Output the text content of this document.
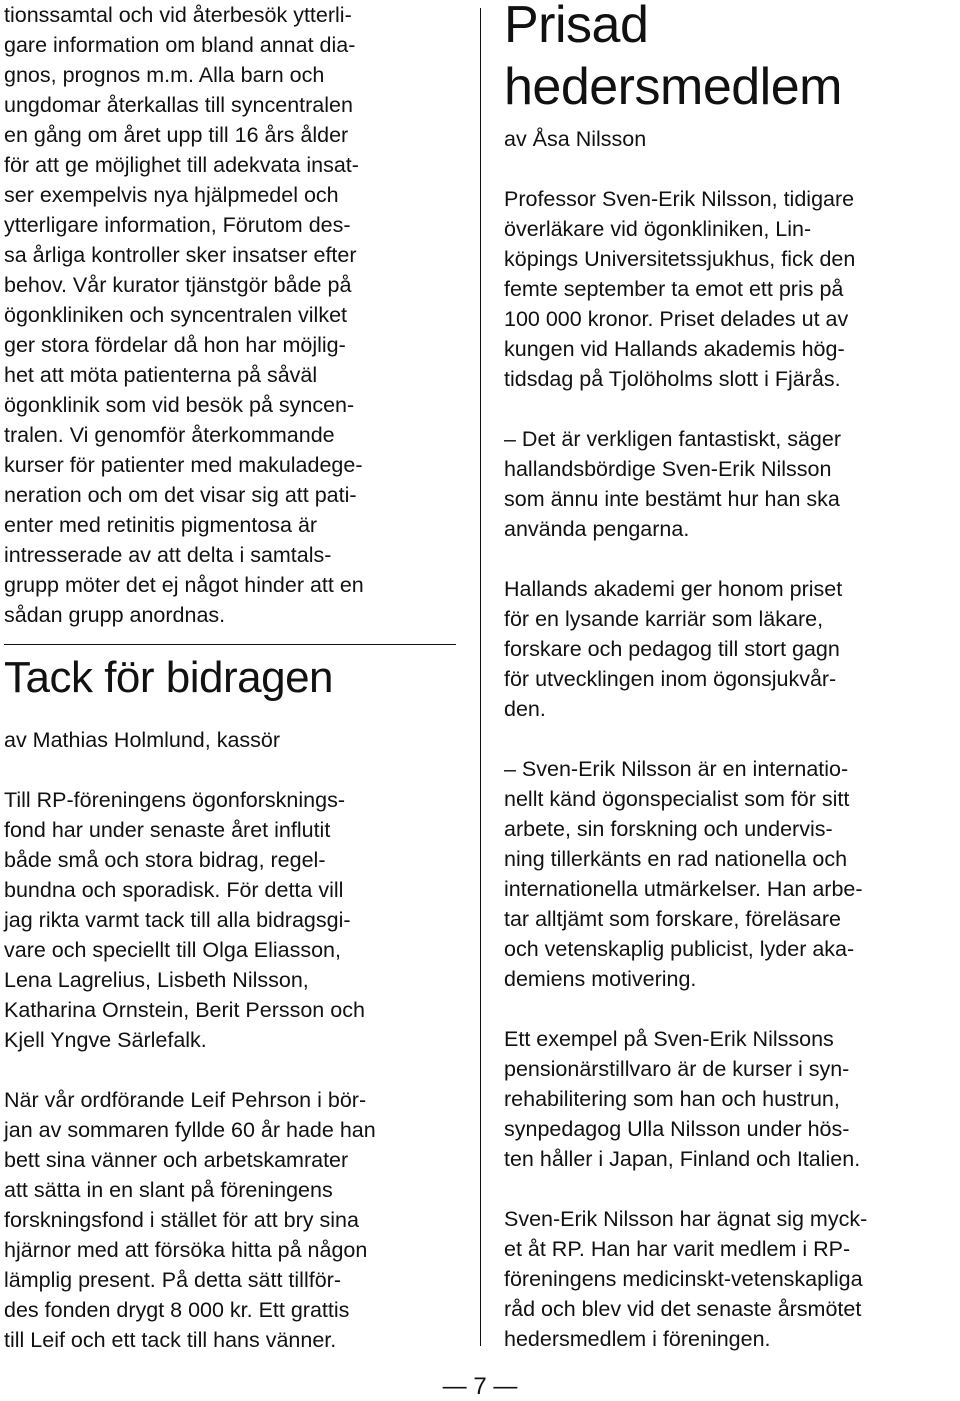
tionssamtal och vid återbesök ytterli-
gare information om bland annat dia-
gnos, prognos m.m. Alla barn och
ungdomar återkallas till syncentralen
en gång om året upp till 16 års ålder
för att ge möjlighet till adekvata insat-
ser exempelvis nya hjälpmedel och
ytterligare information, Förutom des-
sa årliga kontroller sker insatser efter
behov. Vår kurator tjänstgör både på
ögonkliniken och syncentralen vilket
ger stora fördelar då hon har möjlig-
het att möta patienterna på såväl
ögonklinik som vid besök på syncen-
tralen. Vi genomför återkommande
kurser för patienter med makuladege-
neration och om det visar sig att pati-
enter med retinitis pigmentosa är
intresserade av att delta i samtals-
grupp möter det ej något hinder att en
sådan grupp anordnas.

Tack för bidragen

av Mathias Holmlund, kassör

Till RP-föreningens ögonforsknings-
fond har under senaste året influtit
både små och stora bidrag, regel-
bundna och sporadisk. För detta vill
jag rikta varmt tack till alla bidragsgi-
vare och speciellt till Olga Eliasson,
Lena Lagrelius, Lisbeth Nilsson,
Katharina Ornstein, Berit Persson och
Kjell Yngve Särlefalk.

När vår ordförande Leif Pehrson i bör-
jan av sommaren fyllde 60 år hade han
bett sina vänner och arbetskamrater
att sätta in en slant på föreningens
forskningsfond i stället för att bry sina
hjärnor med att försöka hitta på någon
lämplig present. På detta sätt tillför-
des fonden drygt 8 000 kr. Ett grattis
till Leif och ett tack till hans vänner.

Prisad
hedersmedlem

av Åsa Nilsson

Professor Sven-Erik Nilsson, tidigare
överläkare vid ögonkliniken, Lin-
köpings Universitetssjukhus, fick den
femte september ta emot ett pris på
100 000 kronor. Priset delades ut av
kungen vid Hallands akademis hög-
tidsdag på Tjolöholms slott i Fjärås.

– Det är verkligen fantastiskt, säger
hallandsbördige Sven-Erik Nilsson
som ännu inte bestämt hur han ska
använda pengarna.

Hallands akademi ger honom priset
för en lysande karriär som läkare,
forskare och pedagog till stort gagn
för utvecklingen inom ögonsjukvår-
den.

– Sven-Erik Nilsson är en internatio-
nellt känd ögonspecialist som för sitt
arbete, sin forskning och undervis-
ning tillerkänts en rad nationella och
internationella utmärkelser. Han arbe-
tar alltjämt som forskare, föreläsare
och vetenskaplig publicist, lyder aka-
demiens motivering.

Ett exempel på Sven-Erik Nilssons
pensionärstillvaro är de kurser i syn-
rehabilitering som han och hustrun,
synpedagog Ulla Nilsson under hös-
ten håller i Japan, Finland och Italien.

Sven-Erik Nilsson har ägnat sig myck-
et åt RP. Han har varit medlem i RP-
föreningens medicinskt-vetenskapliga
råd och blev vid det senaste årsmötet
hedersmedlem i föreningen.

— 7 —
